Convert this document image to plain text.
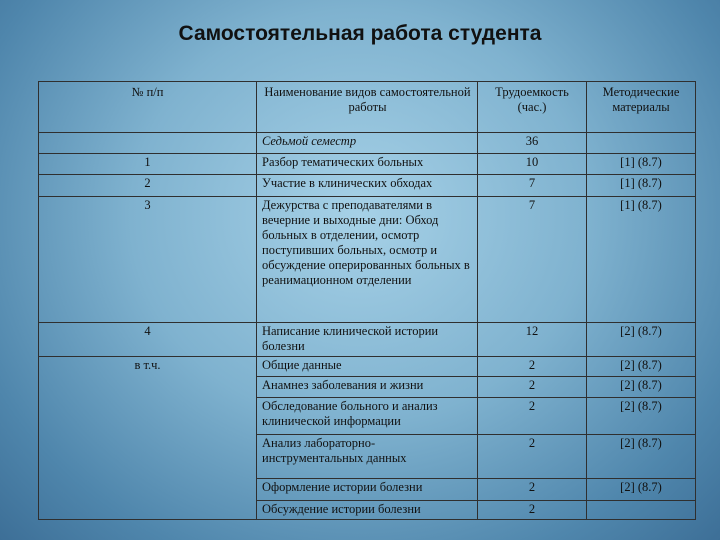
Самостоятельная работа студента
№ п/п	Наименование видов самостоятельной работы	Трудоемкость (час.)	Методические материалы
	Седьмой семестр	36	
1	Разбор тематических больных	10	[1] (8.7)
2	Участие в клинических обходах	7	[1] (8.7)
3	Дежурства с преподавателями в вечерние и выходные дни: Обход больных в отделении, осмотр поступивших больных, осмотр и обсуждение оперированных больных в реанимационном отделении	7	[1] (8.7)
4	Написание клинической истории болезни	12	[2] (8.7)
в т.ч.	Общие данные	2	[2] (8.7)
	Анамнез заболевания и жизни	2	[2] (8.7)
	Обследование больного и анализ клинической информации	2	[2] (8.7)
	Анализ лабораторно-инструментальных данных	2	[2] (8.7)
	Оформление истории болезни	2	[2] (8.7)
	Обсуждение истории болезни	2	
